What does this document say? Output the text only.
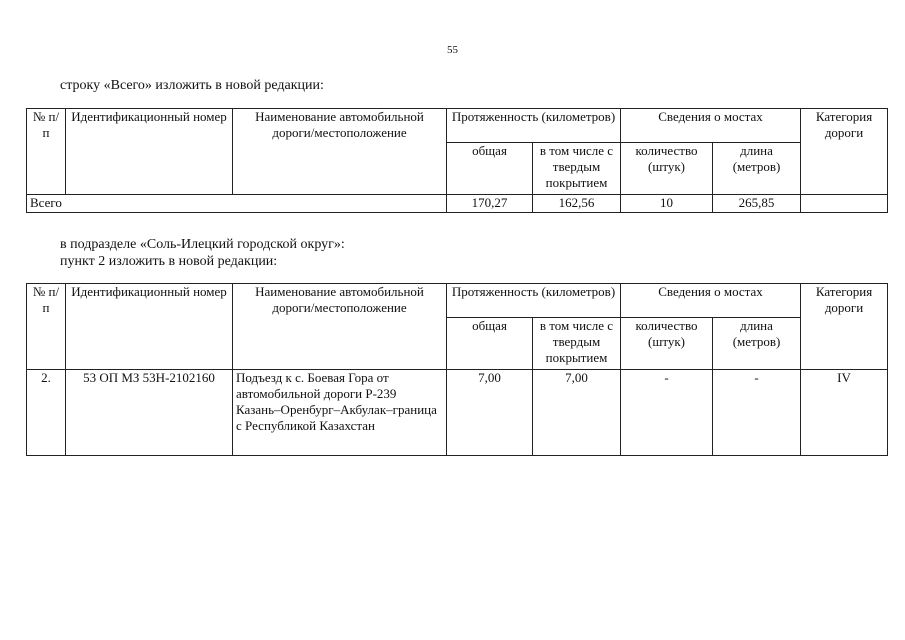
55
строку «Всего» изложить в новой редакции:
№ п/п	Идентификационный номер	Наименование автомобильной дороги/местоположение	Протяженность (километров)		Сведения о мостах		Категория дороги
			общая	в том числе с твердым покрытием	количество (штук)	длина (метров)	
Всего			170,27	162,56	10	265,85	
в подразделе «Соль-Илецкий городской округ»:
пункт 2 изложить в новой редакции:
№ п/п	Идентификационный номер	Наименование автомобильной дороги/местоположение	Протяженность (километров)		Сведения о мостах		Категория дороги
			общая	в том числе с твердым покрытием	количество (штук)	длина (метров)	
2.	53 ОП МЗ 53Н-2102160	Подъезд к с. Боевая Гора от автомобильной дороги Р-239 Казань–Оренбург–Акбулак–граница с Республикой Казахстан	7,00	7,00	-	-	IV
